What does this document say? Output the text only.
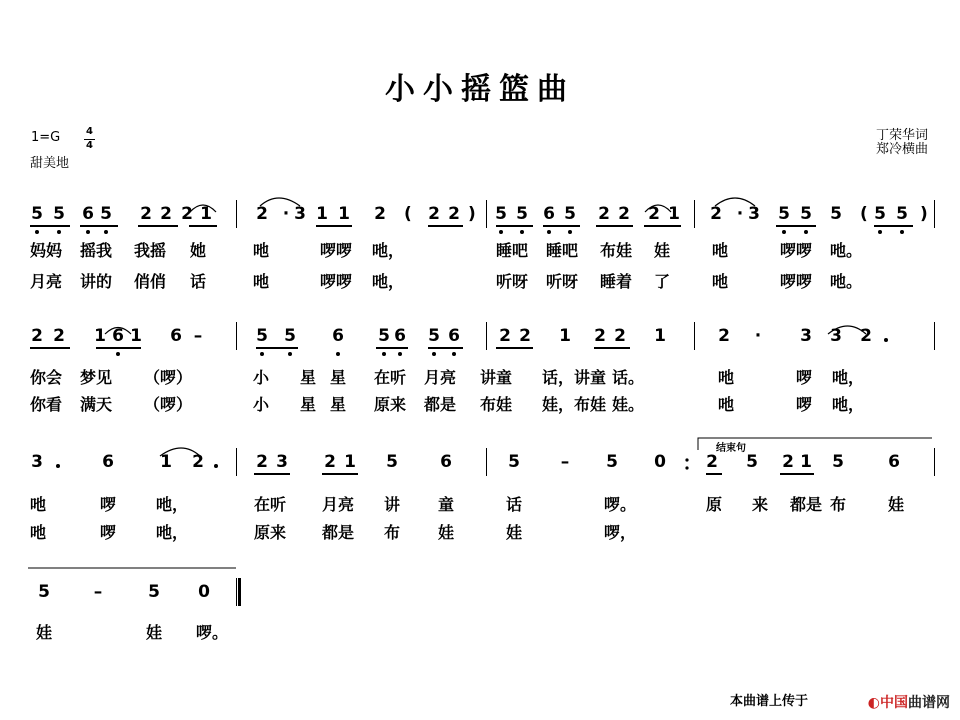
小小摇篮曲
1=G	4
4
甜美地
丁荣华词
郑冷横曲
5 5 6 5 2 2 2 1	2 · 3 1 1 2 2 2 5 5 6 5 2 2 2 1 2 · 3 5 5 5 5 5
(	)	(	)
妈妈 摇我 我摇 她	吔	啰啰 吔，	睡吧 睡吧 布娃 娃	吔	啰啰 吔。
月亮 讲的 俏俏 话	吔	啰啰 吔，	听呀 听呀 睡着 了	吔	啰啰 吔。
2 2 1 6 1 6 –	5 5 6 5 6 5 6 2 2 1 2 2 1	2	·	3 3 2
你会 梦见 （啰）	小 星 星 在听 月亮 讲童 话，讲童 话。	吔	啰 吔，
你看 满天 （啰）	小 星 星 原来 都是 布娃 娃，布娃 娃。	吔	啰 吔，
3	6	1 2	2 3 2 1 5 6	5 – 5 0 2 5 2 1 5	6
吔	啰 吔，	在听 月亮 讲 童	话	啰。	原 来 都是 布	娃
吔	啰 吔，	原来 都是 布 娃	娃	啰，
5	–	5 0
娃	娃 啰。
结束句
本曲谱上传于	◐中国曲谱网
